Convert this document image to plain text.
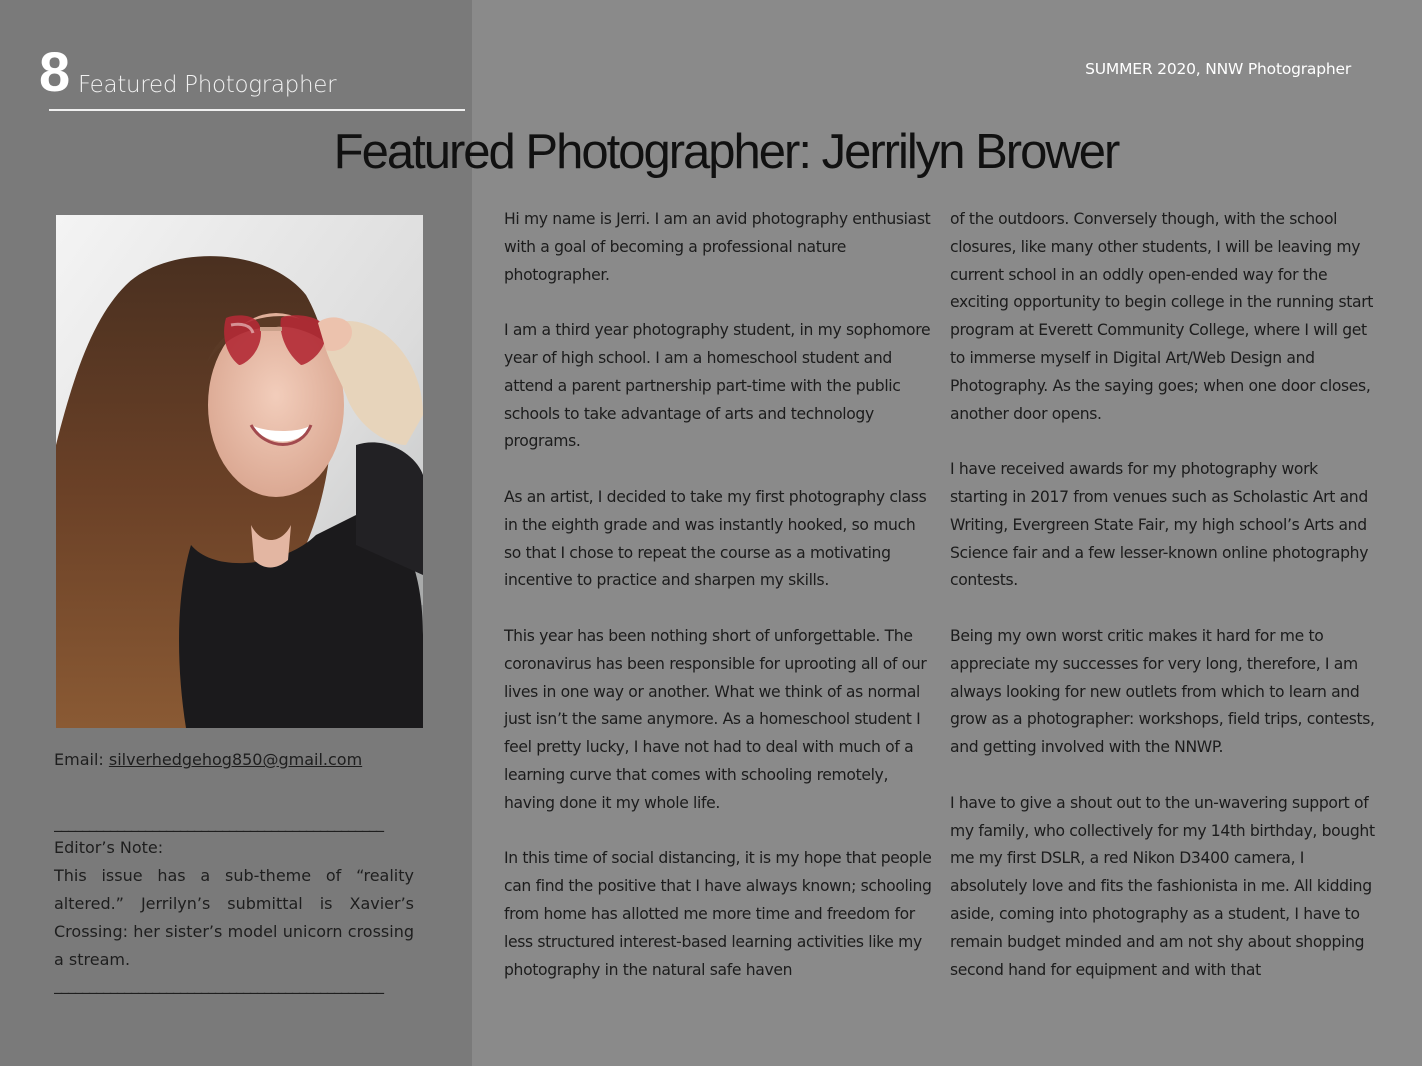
8 Featured Photographer
SUMMER 2020, NNW Photographer
Featured Photographer: Jerrilyn Brower
Email: silverhedgehog850@gmail.com
_______________________________________________
Editor’s Note:
This issue has a sub-theme of “reality altered.” Jerrilyn’s submittal is Xavier’s Crossing: her sister’s model unicorn crossing a stream.
_______________________________________________

Hi my name is Jerri. I am an avid photography enthusiast with a goal of becoming a professional nature photographer.

I am a third year photography student, in my sophomore year of high school. I am a homeschool student and attend a parent partnership part-time with the public schools to take advantage of arts and technology programs.

As an artist, I decided to take my first photography class in the eighth grade and was instantly hooked, so much so that I chose to repeat the course as a motivating incentive to practice and sharpen my skills.

This year has been nothing short of unforgettable. The coronavirus has been responsible for uprooting all of our lives in one way or another. What we think of as normal just isn’t the same anymore. As a homeschool student I feel pretty lucky, I have not had to deal with much of a learning curve that comes with schooling remotely, having done it my whole life.

In this time of social distancing, it is my hope that people can find the positive that I have always known; schooling from home has allotted me more time and freedom for less structured interest-based learning activities like my photography in the natural safe haven

of the outdoors. Conversely though, with the school closures, like many other students, I will be leaving my current school in an oddly open-ended way for the exciting opportunity to begin college in the running start program at Everett Community College, where I will get to immerse myself in Digital Art/Web Design and Photography. As the saying goes; when one door closes, another door opens.

I have received awards for my photography work starting in 2017 from venues such as Scholastic Art and Writing, Evergreen State Fair, my high school’s Arts and Science fair and a few lesser-known online photography contests.

Being my own worst critic makes it hard for me to appreciate my successes for very long, therefore, I am always looking for new outlets from which to learn and grow as a photographer: workshops, field trips, contests, and getting involved with the NNWP.

I have to give a shout out to the un-wavering support of my family, who collectively for my 14th birthday, bought me my first DSLR, a red Nikon D3400 camera, I absolutely love and fits the fashionista in me. All kidding aside, coming into photography as a student, I have to remain budget minded and am not shy about shopping second hand for equipment and with that
